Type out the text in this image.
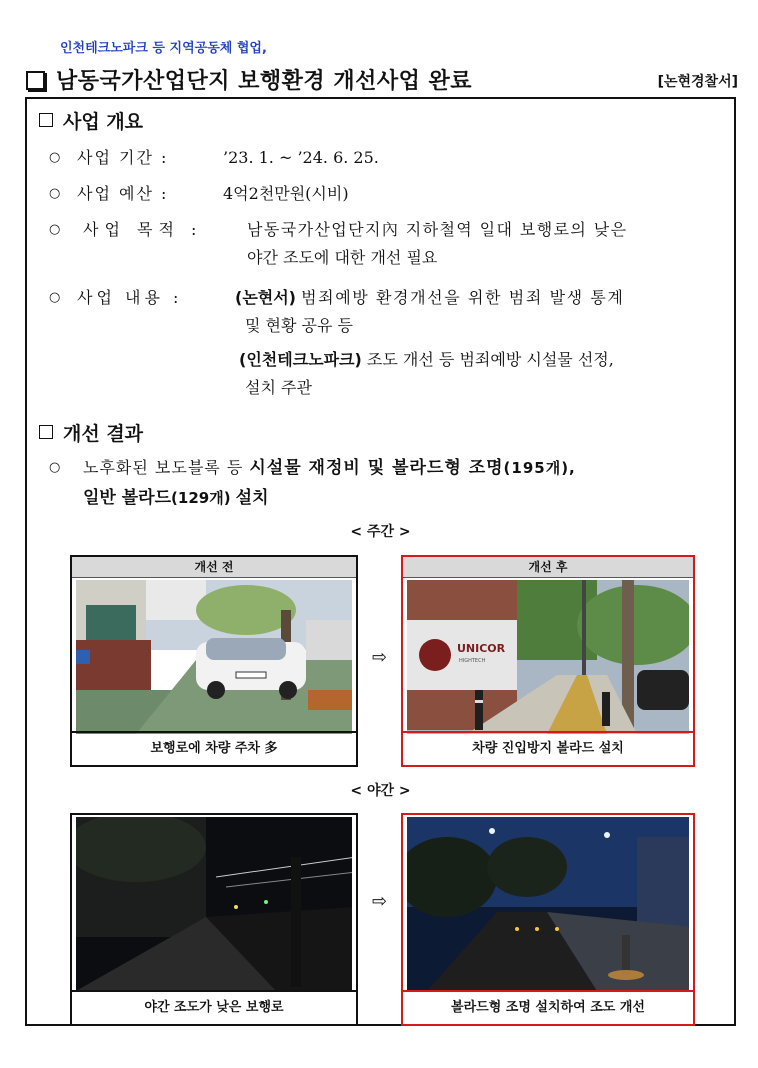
인천테크노파크 등 지역공동체 협업,
남동국가산업단지 보행환경 개선사업 완료	[논현경찰서]
사업 개요
○ 사업 기간 :	’23. 1. ~ ’24. 6. 25.
○ 사업 예산 :	4억2천만원(시비)
○ 사업 목적 :	남동국가산업단지內 지하철역 일대 보행로의 낮은
야간 조도에 대한 개선 필요
○ 사업 내용 :	(논현서) 범죄예방 환경개선을 위한 범죄 발생 통계
및 현황 공유 등
(인천테크노파크) 조도 개선 등 범죄예방 시설물 선정,
설치 주관
개선 결과
○ 노후화된 보도블록 등 시설물 재정비 및 볼라드형 조명(195개),
일반 볼라드(129개) 설치
< 주간 >
개선 전
보행로에 차량 주차 多
⇨
개선 후
UNICOR
HIGHTECH
차량 진입방지 볼라드 설치
< 야간 >
야간 조도가 낮은 보행로
⇨
볼라드형 조명 설치하여 조도 개선
